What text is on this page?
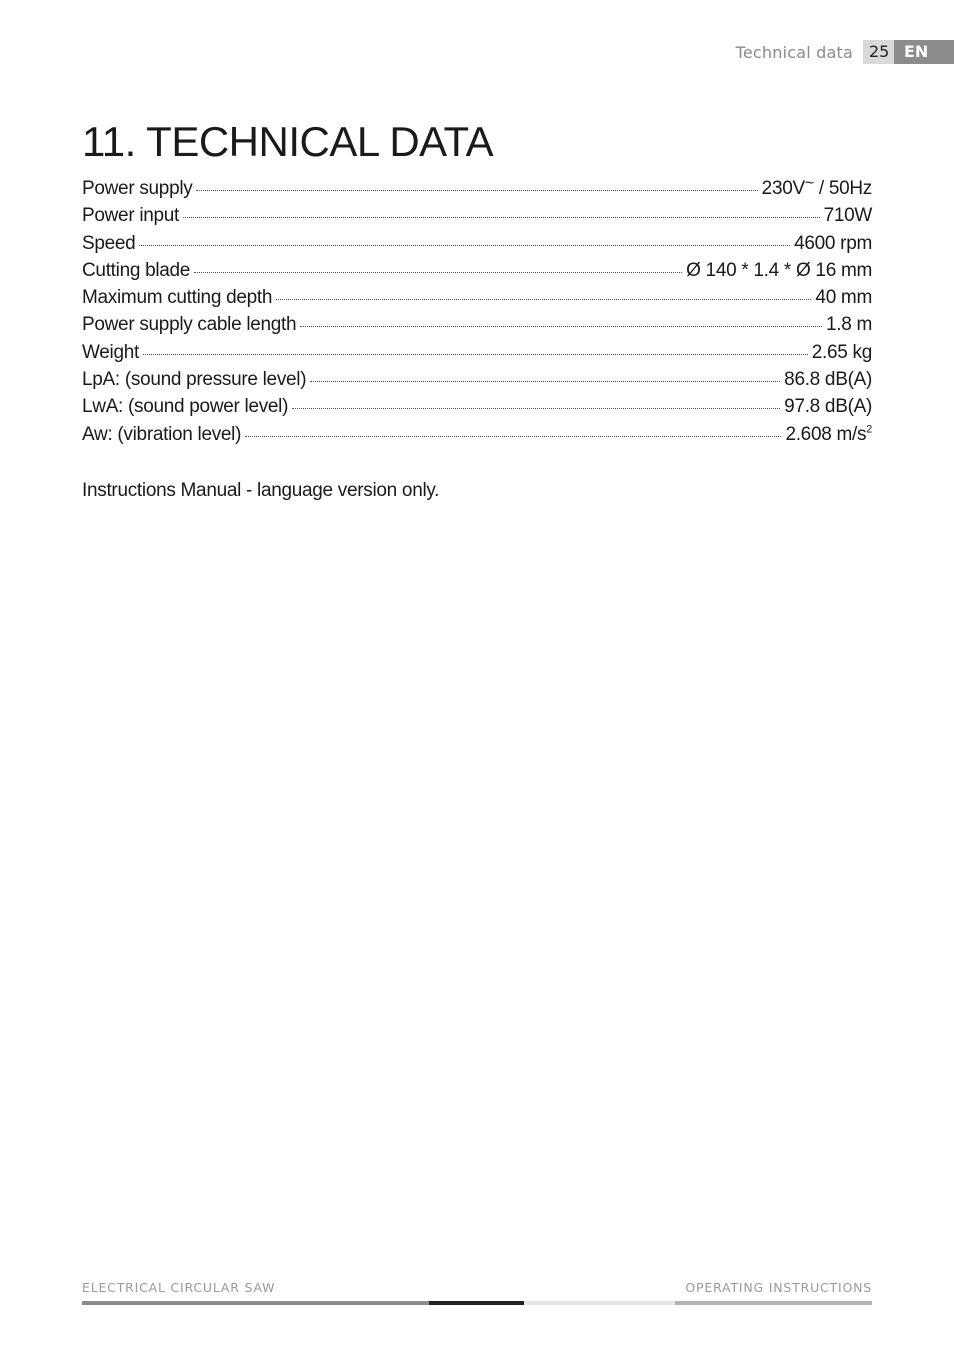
Technical data	25 EN
11. TECHNICAL DATA
Power supply	230V~ / 50Hz
Power input	710W
Speed	4600 rpm
Cutting blade	Ø 140 * 1.4 * Ø 16 mm
Maximum cutting depth	40 mm
Power supply cable length	1.8 m
Weight	2.65 kg
LpA: (sound pressure level)	86.8 dB(A)
LwA: (sound power level)	97.8 dB(A)
Aw: (vibration level)	2.608 $m/s^2$

Instructions Manual - language version only.

ELECTRICAL CIRCULAR SAW	OPERATING INSTRUCTIONS
